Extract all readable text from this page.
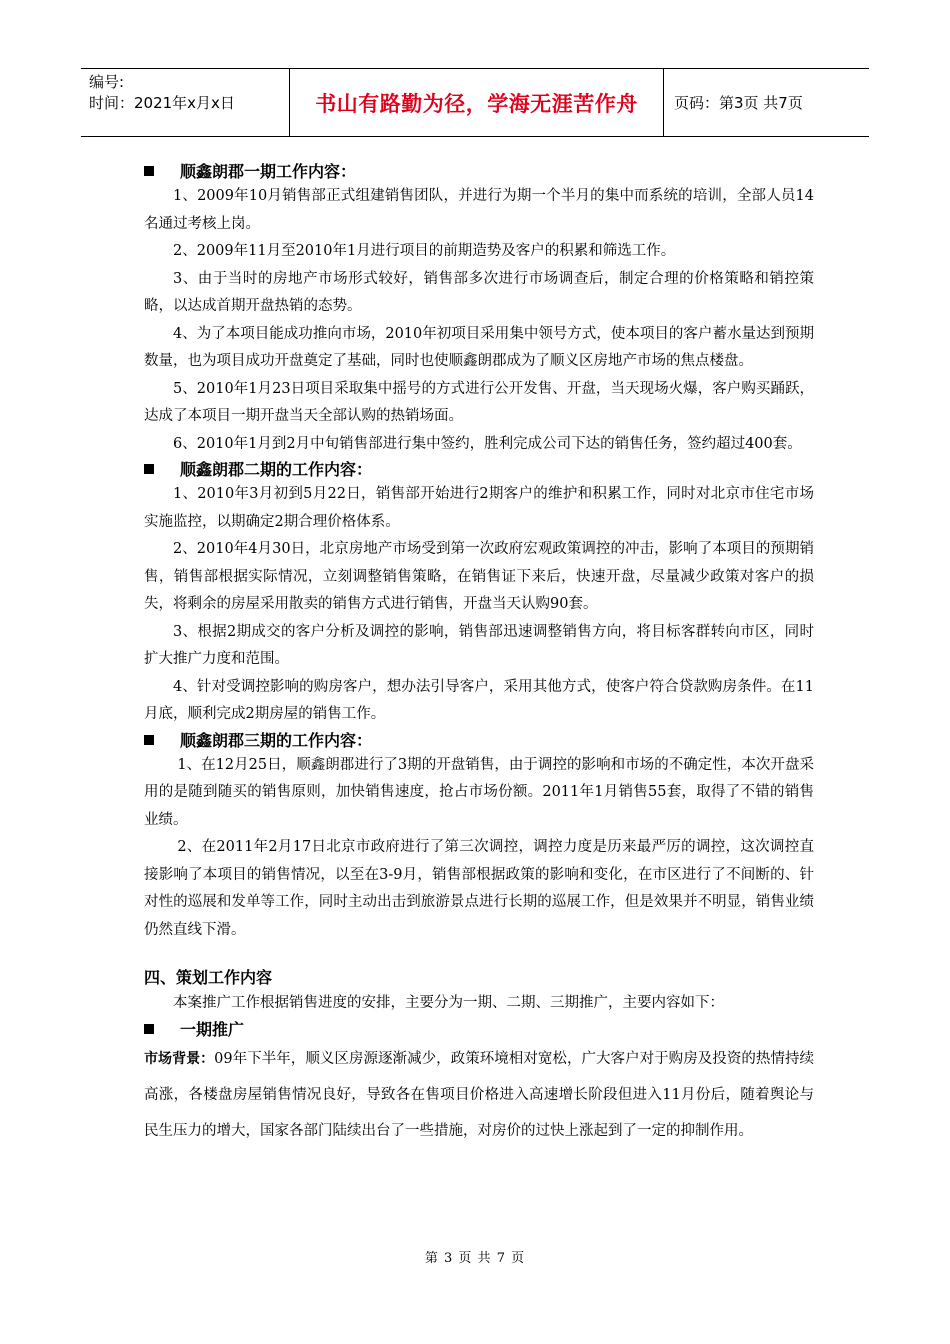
编号:
时间：2021年x月x日	书山有路勤为径，学海无涯苦作舟	页码：第3页 共7页
顺鑫朗郡一期工作内容：

1、2009年10月销售部正式组建销售团队，并进行为期一个半月的集中而系统的培训，全部人员14名通过考核上岗。

2、2009年11月至2010年1月进行项目的前期造势及客户的积累和筛选工作。

3、由于当时的房地产市场形式较好，销售部多次进行市场调查后，制定合理的价格策略和销控策略，以达成首期开盘热销的态势。

4、为了本项目能成功推向市场，2010年初项目采用集中领号方式，使本项目的客户蓄水量达到预期数量，也为项目成功开盘奠定了基础，同时也使顺鑫朗郡成为了顺义区房地产市场的焦点楼盘。

5、2010年1月23日项目采取集中摇号的方式进行公开发售、开盘，当天现场火爆，客户购买踊跃，达成了本项目一期开盘当天全部认购的热销场面。

6、2010年1月到2月中旬销售部进行集中签约，胜利完成公司下达的销售任务，签约超过400套。

顺鑫朗郡二期的工作内容：

1、2010年3月初到5月22日，销售部开始进行2期客户的维护和积累工作，同时对北京市住宅市场实施监控，以期确定2期合理价格体系。

2、2010年4月30日，北京房地产市场受到第一次政府宏观政策调控的冲击，影响了本项目的预期销售，销售部根据实际情况，立刻调整销售策略，在销售证下来后，快速开盘，尽量减少政策对客户的损失，将剩余的房屋采用散卖的销售方式进行销售，开盘当天认购90套。

3、根据2期成交的客户分析及调控的影响，销售部迅速调整销售方向，将目标客群转向市区，同时扩大推广力度和范围。

4、针对受调控影响的购房客户，想办法引导客户，采用其他方式，使客户符合贷款购房条件。在11月底，顺利完成2期房屋的销售工作。

顺鑫朗郡三期的工作内容：

1、在12月25日，顺鑫朗郡进行了3期的开盘销售，由于调控的影响和市场的不确定性，本次开盘采用的是随到随买的销售原则，加快销售速度，抢占市场份额。2011年1月销售55套，取得了不错的销售业绩。

2、在2011年2月17日北京市政府进行了第三次调控，调控力度是历来最严厉的调控，这次调控直接影响了本项目的销售情况，以至在3-9月，销售部根据政策的影响和变化，在市区进行了不间断的、针对性的巡展和发单等工作，同时主动出击到旅游景点进行长期的巡展工作，但是效果并不明显，销售业绩仍然直线下滑。

四、策划工作内容

本案推广工作根据销售进度的安排，主要分为一期、二期、三期推广，主要内容如下：

一期推广

市场背景：09年下半年，顺义区房源逐渐减少，政策环境相对宽松，广大客户对于购房及投资的热情持续高涨，各楼盘房屋销售情况良好，导致各在售项目价格进入高速增长阶段但进入11月份后，随着舆论与民生压力的增大，国家各部门陆续出台了一些措施，对房价的过快上涨起到了一定的抑制作用。

第 3 页 共 7 页
